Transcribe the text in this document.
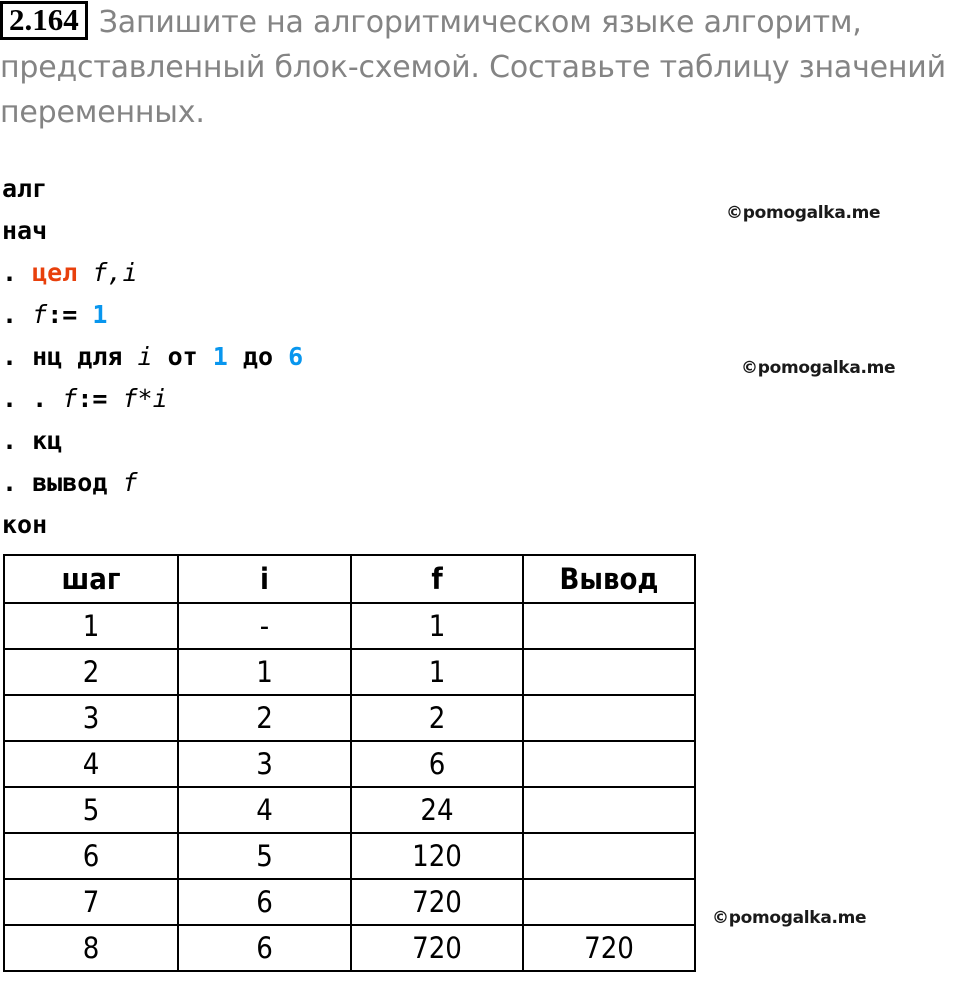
2.164 Запишите на алгоритмическом языке алгоритм,
представленный блок-схемой. Составьте таблицу значений
переменных.
алг
нач
. цел f,i
. f:= 1
. нц для i от 1 до 6
. . f:= f*i
. кц
. вывод f
кон
©pomogalka.me
©pomogalka.me
©pomogalka.me
шаг	i	f	Вывод
1	-	1	
2	1	1	
3	2	2	
4	3	6	
5	4	24	
6	5	120	
7	6	720	
8	6	720	720
